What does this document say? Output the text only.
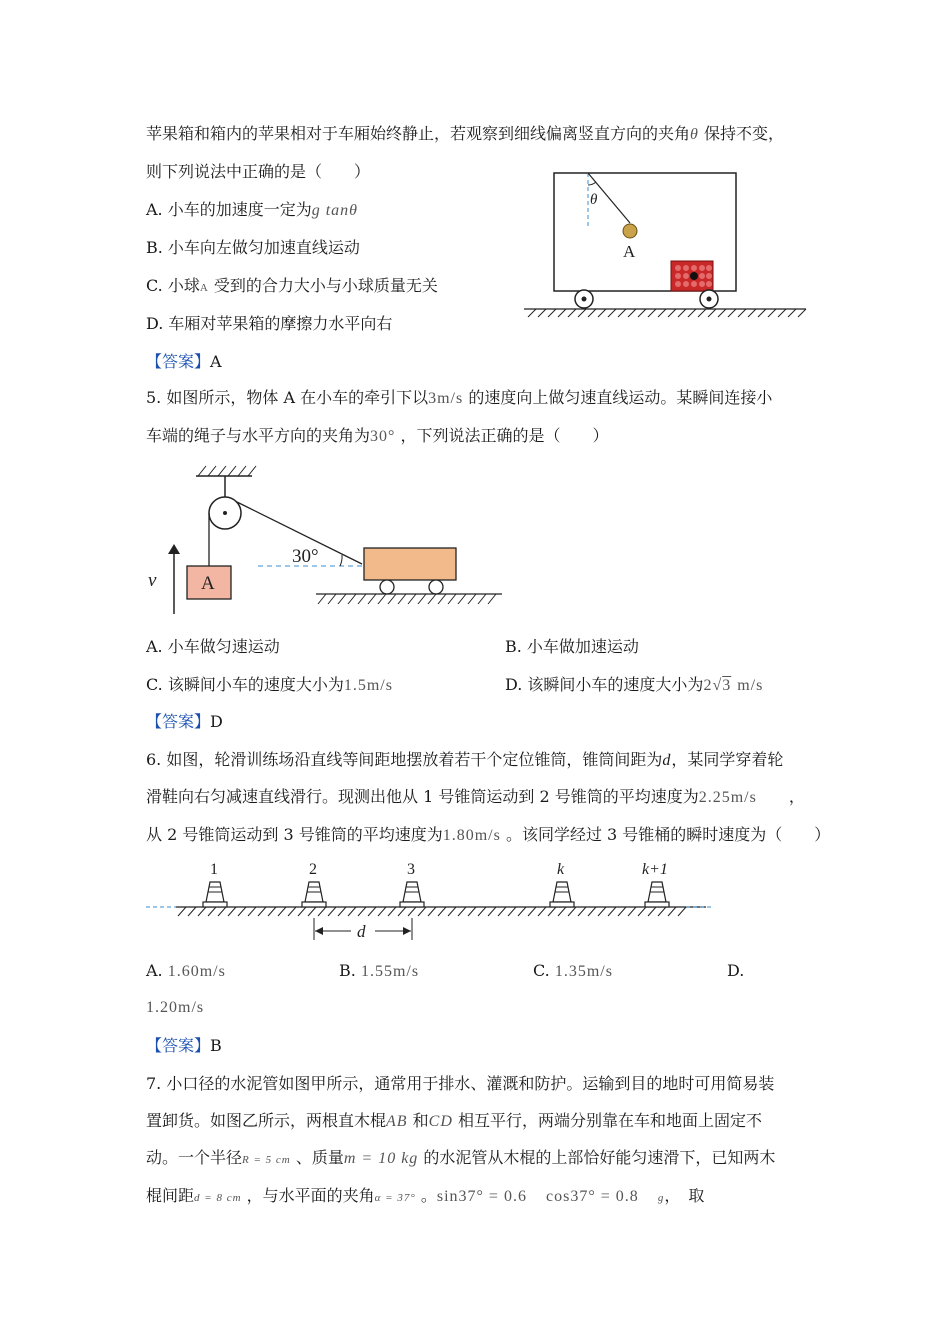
苹果箱和箱内的苹果相对于车厢始终静止，若观察到细线偏离竖直方向的夹角θ 保持不变，
则下列说法中正确的是（　　）
A. 小车的加速度一定为g tanθ
B. 小车向左做匀加速直线运动
C. 小球A 受到的合力大小与小球质量无关
D. 车厢对苹果箱的摩擦力水平向右
【答案】A
θ
A
5. 如图所示，物体 A 在小车的牵引下以3m/s 的速度向上做匀速直线运动。某瞬间连接小
车端的绳子与水平方向的夹角为30° ，下列说法正确的是（　　）
A
v
30°
A. 小车做匀速运动	B. 小车做加速运动
C. 该瞬间小车的速度大小为1.5m/s	D. 该瞬间小车的速度大小为2√3 m/s
【答案】D
6. 如图，轮滑训练场沿直线等间距地摆放着若干个定位锥筒，锥筒间距为d，某同学穿着轮
滑鞋向右匀减速直线滑行。现测出他从 1 号锥筒运动到 2 号锥筒的平均速度为2.25m/s　　，
从 2 号锥筒运动到 3 号锥筒的平均速度为1.80m/s 。该同学经过 3 号锥桶的瞬时速度为（　　）
1	2	3	k	k+1
d
A. 1.60m/s	B. 1.55m/s	C. 1.35m/s	D.
1.20m/s
【答案】B
7. 小口径的水泥管如图甲所示，通常用于排水、灌溉和防护。运输到目的地时可用简易装
置卸货。如图乙所示，两根直木棍AB 和CD 相互平行，两端分别靠在车和地面上固定不
动。一个半径R = 5 cm 、质量m = 10 kg 的水泥管从木棍的上部恰好能匀速滑下，已知两木
棍间距d = 8 cm ，与水平面的夹角α = 37° 。sin37° = 0.6 cos37° = 0.8 g，　取
